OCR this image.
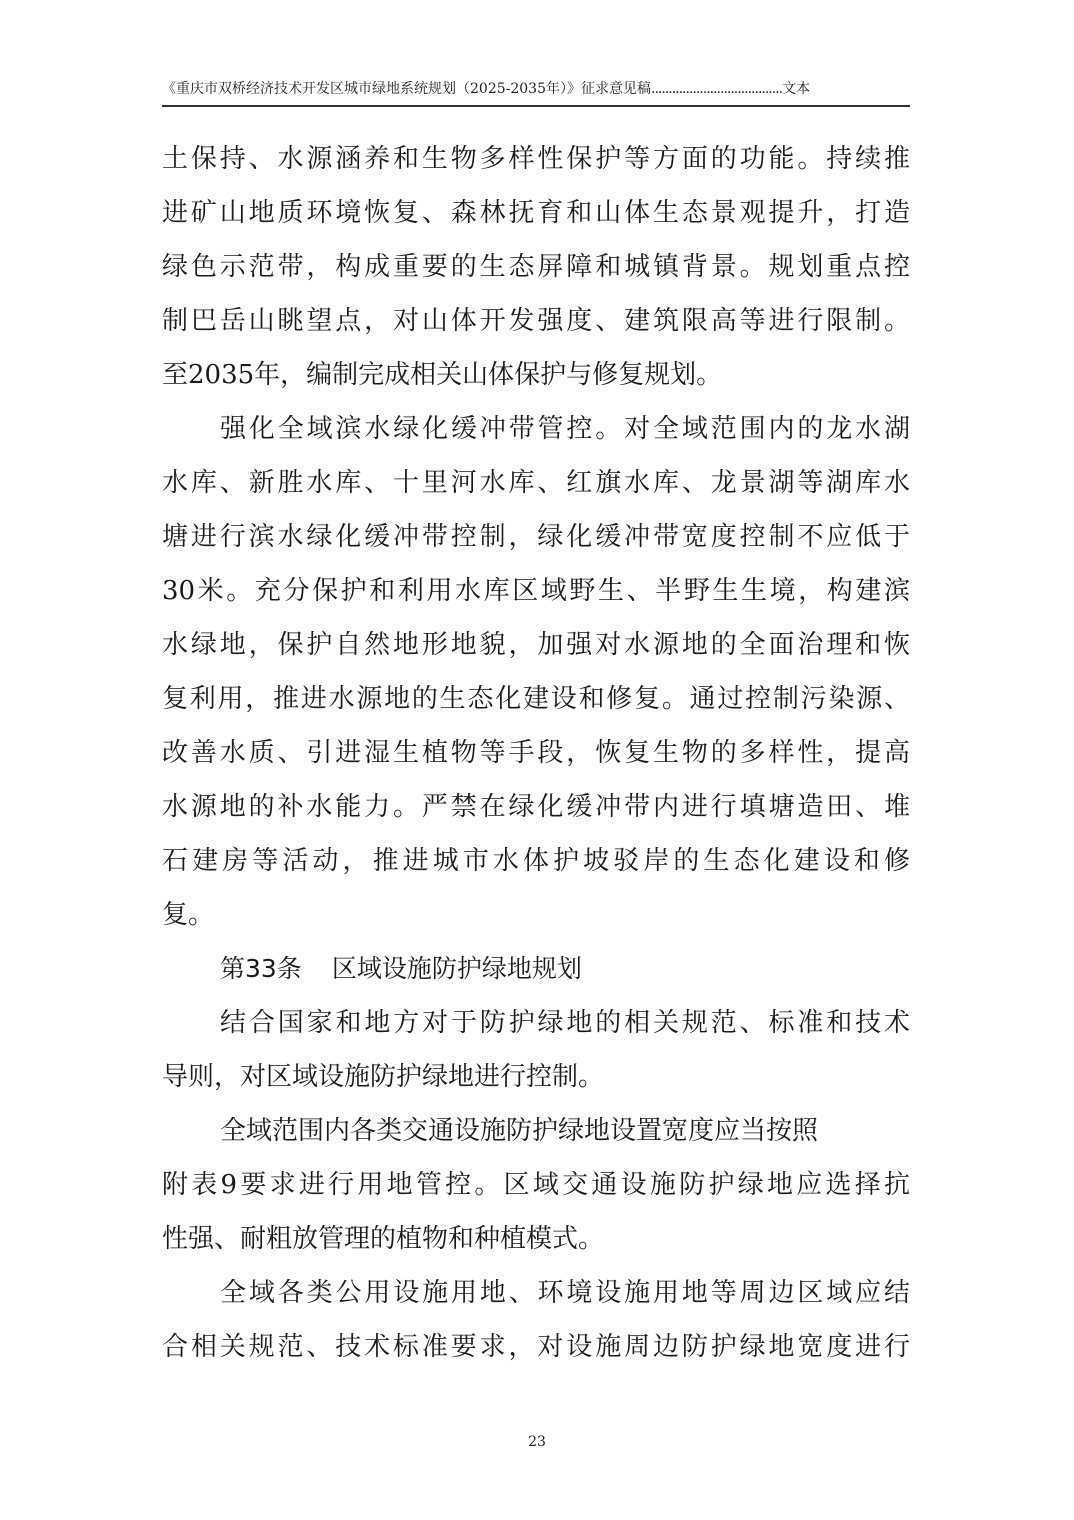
《重庆市双桥经济技术开发区城市绿地系统规划（2025-2035年）》征求意见稿......................................文本
土保持、水源涵养和生物多样性保护等方面的功能。持续推
进矿山地质环境恢复、森林抚育和山体生态景观提升，打造
绿色示范带，构成重要的生态屏障和城镇背景。规划重点控
制巴岳山眺望点，对山体开发强度、建筑限高等进行限制。
至2035年，编制完成相关山体保护与修复规划。
强化全域滨水绿化缓冲带管控。对全域范围内的龙水湖
水库、新胜水库、十里河水库、红旗水库、龙景湖等湖库水
塘进行滨水绿化缓冲带控制，绿化缓冲带宽度控制不应低于
30米。充分保护和利用水库区域野生、半野生生境，构建滨
水绿地，保护自然地形地貌，加强对水源地的全面治理和恢
复利用，推进水源地的生态化建设和修复。通过控制污染源、
改善水质、引进湿生植物等手段，恢复生物的多样性，提高
水源地的补水能力。严禁在绿化缓冲带内进行填塘造田、堆
石建房等活动，推进城市水体护坡驳岸的生态化建设和修
复。
第33条 区域设施防护绿地规划
结合国家和地方对于防护绿地的相关规范、标准和技术
导则，对区域设施防护绿地进行控制。
全域范围内各类交通设施防护绿地设置宽度应当按照
附表9要求进行用地管控。区域交通设施防护绿地应选择抗
性强、耐粗放管理的植物和种植模式。
全域各类公用设施用地、环境设施用地等周边区域应结
合相关规范、技术标准要求，对设施周边防护绿地宽度进行
23
